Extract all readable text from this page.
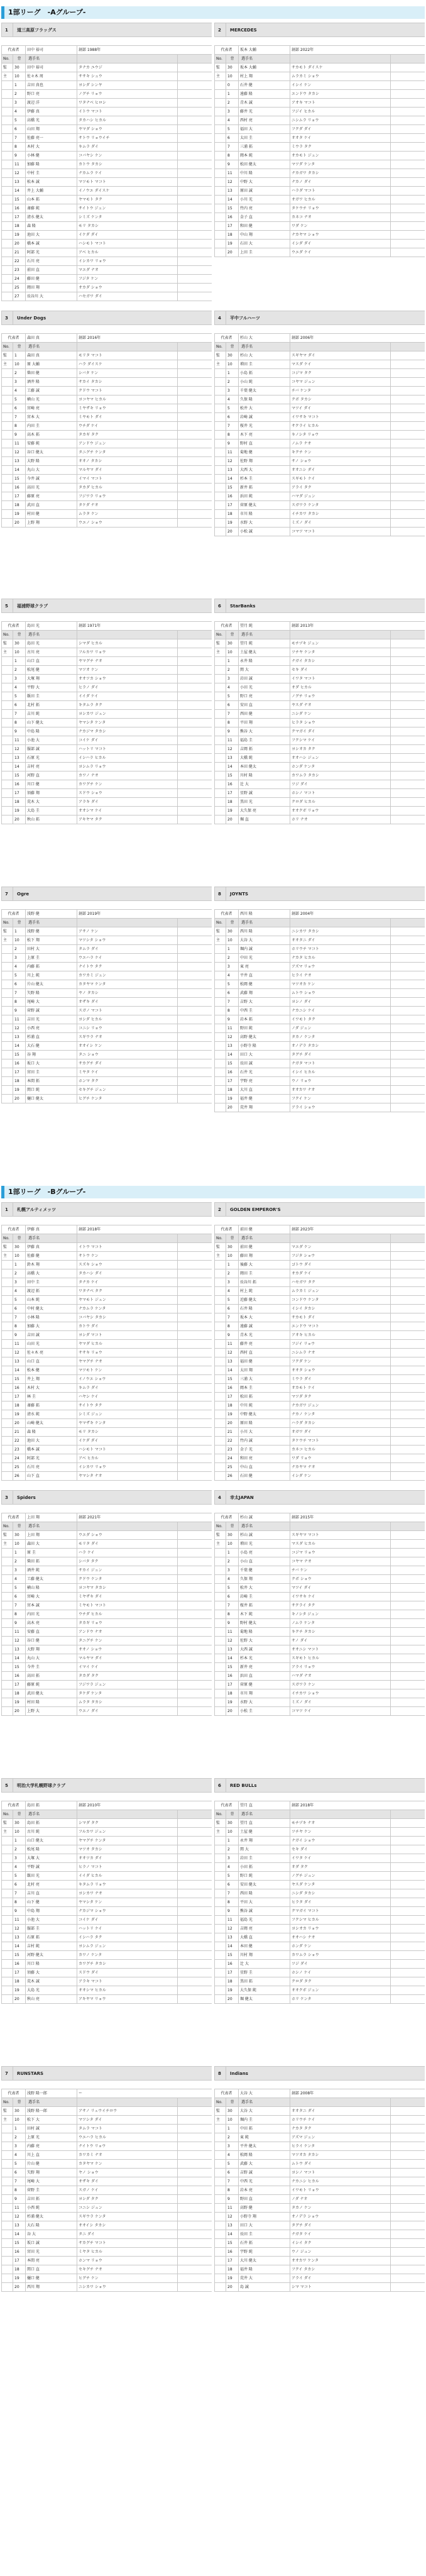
1部リーグ　-Aグループ-
1	道三高原フラッグス			

代表者		田中 裕司	創部 1988年	
No.	背	選手名		
監	30	田中 裕司	タナカ ユウジ	
主	10	佐々木 周	ササキ シュウ	
	1	吉田 真也	ヨシダ シンヤ	
	2	野口 亮	ノグチ リョウ	
	3	渡辺 洋	ワタナベ ヒロシ	
	4	伊藤 真	イトウ マコト	
	5	高橋 光	タカハシ ヒカル	
	6	山田 翔	ヤマダ ショウ	
	7	佐藤 亮一	サトウ リョウイチ	
	8	木村 大	キムラ ダイ	
	9	小林 健	コバヤシ ケン	
	11	加藤 隆	カトウ タカシ	
	12	中村 圭	ナカムラ ケイ	
	13	松本 誠	マツモト マコト	
	14	井上 大輔	イノウエ ダイスケ	
	15	山本 拓	ヤマモト タク	
	16	斎藤 純	サイトウ ジュン	
	17	清水 健太	シミズ ケンタ	
	18	森 隆	モリ タカシ	
	19	池田 大	イケダ ダイ	
	20	橋本 誠	ハシモト マコト	
	21	阿部 光	アベ ヒカル	
	22	石川 亮	イシカワ リョウ	
	23	前田 直	マエダ ナオ	
	24	藤田 健	フジタ ケン	
	25	岡田 翔	オカダ ショウ	
	27	長谷川 大	ハセガワ ダイ	
2	MERCEDES			

代表者		坂本 大輔	創部 2022年	
No.	背	選手名		
監	30	坂本 大輔	サカモト ダイスケ	
主	10	村上 翔	ムラカミ ショウ	
	0	石井 健	イシイ ケン	
	1	遠藤 隆	エンドウ タカシ	
	2	青木 誠	アオキ マコト	
	3	藤井 光	フジイ ヒカル	
	4	西村 亮	ニシムラ リョウ	
	5	福田 大	フクダ ダイ	
	6	太田 圭	オオタ ケイ	
	7	三浦 拓	ミウラ タク	
	8	岡本 純	オカモト ジュン	
	9	松田 健太	マツダ ケンタ	
	11	中川 隆	ナカガワ タカシ	
	12	中野 大	ナカノ ダイ	
	13	原田 誠	ハラダ マコト	
	14	小川 光	オガワ ヒカル	
	15	竹内 亮	タケウチ リョウ	
	16	金子 直	カネコ ナオ	
	17	和田 健	ワダ ケン	
	18	中山 翔	ナカヤマ ショウ	
	19	石田 大	イシダ ダイ	
	20	上田 圭	ウエダ ケイ	
3	Under Dogs			

代表者		森田 真	創部 2016年	
No.	背	選手名		
監	1	森田 真	モリタ マコト	
主	10	原 大輔	ハラ ダイスケ	
	2	柴田 健	シバタ ケン	
	3	酒井 隆	サカイ タカシ	
	4	工藤 誠	クドウ マコト	
	5	横山 光	ヨコヤマ ヒカル	
	6	宮崎 亮	ミヤザキ リョウ	
	7	宮本 大	ミヤモト ダイ	
	8	内田 圭	ウチダ ケイ	
	9	高木 拓	タカギ タク	
	11	安藤 純	アンドウ ジュン	
	12	谷口 健太	タニグチ ケンタ	
	13	大野 隆	オオノ タカシ	
	14	丸山 大	マルヤマ ダイ	
	15	今井 誠	イマイ マコト	
	16	高田 光	タカダ ヒカル	
	17	藤原 亮	フジワラ リョウ	
	18	武田 直	タケダ ナオ	
	19	村田 健	ムラタ ケン	
	20	上野 翔	ウエノ ショウ	
4	平中フルハーツ			

代表者		杉山 大	創部 2006年	
No.	背	選手名		
監	30	杉山 大	スギヤマ ダイ	
主	10	増田 圭	マスダ ケイ	
	1	小島 拓	コジマ タク	
	2	小山 純	コヤマ ジュン	
	3	千葉 健太	チバ ケンタ	
	4	久保 隆	クボ タカシ	
	5	松井 大	マツイ ダイ	
	6	岩崎 誠	イワサキ マコト	
	7	桜井 光	サクライ ヒカル	
	8	木下 亮	キノシタ リョウ	
	9	野村 直	ノムラ ナオ	
	11	菊地 健	キクチ ケン	
	12	佐野 翔	サノ ショウ	
	13	大西 大	オオニシ ダイ	
	14	杉本 圭	スギモト ケイ	
	15	新井 拓	アライ タク	
	16	浜田 純	ハマダ ジュン	
	17	菅原 健太	スガワラ ケンタ	
	18	市川 隆	イチカワ タカシ	
	19	水野 大	ミズノ ダイ	
	20	小松 誠	コマツ マコト	
5	福浦野球クラブ			

代表者		島田 光	創部 1971年	
No.	背	選手名		
監	30	島田 光	シマダ ヒカル	
主	10	古川 亮	フルカワ リョウ	
	1	山口 直	ヤマグチ ナオ	
	2	松尾 健	マツオ ケン	
	3	大塚 翔	オオツカ ショウ	
	4	平野 大	ヒラノ ダイ	
	5	飯田 圭	イイダ ケイ	
	6	北村 拓	キタムラ タク	
	7	吉川 純	ヨシカワ ジュン	
	8	山下 健太	ヤマシタ ケンタ	
	9	中島 隆	ナカジマ タカシ	
	11	小池 大	コイケ ダイ	
	12	服部 誠	ハットリ マコト	
	13	石原 光	イシハラ ヒカル	
	14	吉村 亮	ヨシムラ リョウ	
	15	河野 直	カワノ ナオ	
	16	川口 健	カワグチ ケン	
	17	須藤 翔	スドウ ショウ	
	18	荒木 大	アラキ ダイ	
	19	大島 圭	オオシマ ケイ	
	20	秋山 拓	アキヤマ タク	
6	StarBanks			

代表者		望月 純	創部 2013年	
No.	背	選手名		
監	30	望月 純	モチヅキ ジュン	
主	10	土屋 健太	ツチヤ ケンタ	
	1	永井 隆	ナガイ タカシ	
	2	関 大	セキ ダイ	
	3	岩田 誠	イワタ マコト	
	4	小田 光	オダ ヒカル	
	5	野口 亮	ノグチ リョウ	
	6	安田 直	ヤスダ ナオ	
	7	西田 健	ニシダ ケン	
	8	平田 翔	ヒラタ ショウ	
	9	熊谷 大	クマガイ ダイ	
	11	福島 圭	フクシマ ケイ	
	12	吉岡 拓	ヨシオカ タク	
	13	大橋 純	オオハシ ジュン	
	14	本田 健太	ホンダ ケンタ	
	15	川村 隆	カワムラ タカシ	
	16	辻 大	ツジ ダイ	
	17	星野 誠	ホシノ マコト	
	18	黒田 光	クロダ ヒカル	
	19	大久保 亮	オオクボ リョウ	
	20	堀 直	ホリ ナオ	
7	Ogre			

代表者		浅野 健	創部 2019年	
No.	背	選手名		
監	1	浅野 健	アサノ ケン	
主	10	松下 翔	マツシタ ショウ	
	2	田村 大	タムラ ダイ	
	3	上原 圭	ウエハラ ケイ	
	4	内藤 拓	ナイトウ タク	
	5	川上 純	カワカミ ジュン	
	6	片山 健太	カタヤマ ケンタ	
	7	矢野 隆	ヤノ タカシ	
	8	尾崎 大	オザキ ダイ	
	9	菅野 誠	スガノ マコト	
	11	吉田 光	ヨシダ ヒカル	
	12	小西 亮	コニシ リョウ	
	13	杉浦 直	スギウラ ナオ	
	14	大石 健	オオイシ ケン	
	15	谷 翔	タニ ショウ	
	16	坂口 大	サカグチ ダイ	
	17	宮田 圭	ミヤタ ケイ	
	18	本間 拓	ホンマ タク	
	19	関口 純	セキグチ ジュン	
	20	樋口 健太	ヒグチ ケンタ	
8	JOYNTS			

代表者		西川 隆	創部 2004年	
No.	背	選手名		
監	30	西川 隆	ニシカワ タカシ	
主	10	大谷 大	オオタニ ダイ	
	1	堀内 誠	ホリウチ マコト	
	2	中田 光	ナカタ ヒカル	
	3	東 亮	アズマ リョウ	
	4	平井 直	ヒライ ナオ	
	5	松岡 健	マツオカ ケン	
	6	武藤 翔	ムトウ ショウ	
	7	吉野 大	ヨシノ ダイ	
	8	中西 圭	ナカニシ ケイ	
	9	岩本 拓	イワモト タク	
	11	野田 純	ノダ ジュン	
	12	高野 健太	タカノ ケンタ	
	13	小野寺 隆	オノデラ タカシ	
	14	田口 大	タグチ ダイ	
	15	長田 誠	ナガタ マコト	
	16	石井 光	イシイ ヒカル	
	17	宇野 亮	ウノ リョウ	
	18	大川 直	オオカワ ナオ	
	19	福井 健	フクイ ケン	
	20	荒井 翔	アライ ショウ	
1部リーグ　-Bグループ-
1	札幌アルティメッツ			

代表者		伊藤 真	創部 2018年	
No.	背	選手名		
監	30	伊藤 真	イトウ マコト	
主	10	佐藤 健	サトウ ケン	
	1	鈴木 翔	スズキ ショウ	
	2	高橋 大	タカハシ ダイ	
	3	田中 圭	タナカ ケイ	
	4	渡辺 拓	ワタナベ タク	
	5	山本 純	ヤマモト ジュン	
	6	中村 健太	ナカムラ ケンタ	
	7	小林 隆	コバヤシ タカシ	
	8	加藤 大	カトウ ダイ	
	9	吉田 誠	ヨシダ マコト	
	11	山田 光	ヤマダ ヒカル	
	12	佐々木 亮	ササキ リョウ	
	13	山口 直	ヤマグチ ナオ	
	14	松本 健	マツモト ケン	
	15	井上 翔	イノウエ ショウ	
	16	木村 大	キムラ ダイ	
	17	林 圭	ハヤシ ケイ	
	18	斎藤 拓	サイトウ タク	
	19	清水 純	シミズ ジュン	
	20	山崎 健太	ヤマザキ ケンタ	
	21	森 隆	モリ タカシ	
	22	池田 大	イケダ ダイ	
	23	橋本 誠	ハシモト マコト	
	24	阿部 光	アベ ヒカル	
	25	石川 亮	イシカワ リョウ	
	26	山下 直	ヤマシタ ナオ	
2	GOLDEN EMPEROR'S			

代表者		前田 健	創部 2023年	
No.	背	選手名		
監	30	前田 健	マエダ ケン	
主	10	藤田 翔	フジタ ショウ	
	1	後藤 大	ゴトウ ダイ	
	2	岡田 圭	オカダ ケイ	
	3	長谷川 拓	ハセガワ タク	
	4	村上 純	ムラカミ ジュン	
	5	近藤 健太	コンドウ ケンタ	
	6	石井 隆	イシイ タカシ	
	7	坂本 大	サカモト ダイ	
	8	遠藤 誠	エンドウ マコト	
	9	青木 光	アオキ ヒカル	
	11	藤井 亮	フジイ リョウ	
	12	西村 直	ニシムラ ナオ	
	13	福田 健	フクダ ケン	
	14	太田 翔	オオタ ショウ	
	15	三浦 大	ミウラ ダイ	
	16	岡本 圭	オカモト ケイ	
	17	松田 拓	マツダ タク	
	18	中川 純	ナカガワ ジュン	
	19	中野 健太	ナカノ ケンタ	
	20	原田 隆	ハラダ タカシ	
	21	小川 大	オガワ ダイ	
	22	竹内 誠	タケウチ マコト	
	23	金子 光	カネコ ヒカル	
	24	和田 亮	ワダ リョウ	
	25	中山 直	ナカヤマ ナオ	
	26	石田 健	イシダ ケン	
3	Spiders			

代表者		上田 翔	創部 2021年	
No.	背	選手名		
監	30	上田 翔	ウエダ ショウ	
主	10	森田 大	モリタ ダイ	
	1	原 圭	ハラ ケイ	
	2	柴田 拓	シバタ タク	
	3	酒井 純	サカイ ジュン	
	4	工藤 健太	クドウ ケンタ	
	5	横山 隆	ヨコヤマ タカシ	
	6	宮崎 大	ミヤザキ ダイ	
	7	宮本 誠	ミヤモト マコト	
	8	内田 光	ウチダ ヒカル	
	9	高木 亮	タカギ リョウ	
	11	安藤 直	アンドウ ナオ	
	12	谷口 健	タニグチ ケン	
	13	大野 翔	オオノ ショウ	
	14	丸山 大	マルヤマ ダイ	
	15	今井 圭	イマイ ケイ	
	16	高田 拓	タカダ タク	
	17	藤原 純	フジワラ ジュン	
	18	武田 健太	タケダ ケンタ	
	19	村田 隆	ムラタ タカシ	
	20	上野 大	ウエノ ダイ	
4	幸太JAPAN			

代表者		杉山 誠	創部 2015年	
No.	背	選手名		
監	30	杉山 誠	スギヤマ マコト	
主	10	増田 光	マスダ ヒカル	
	1	小島 亮	コジマ リョウ	
	2	小山 直	コヤマ ナオ	
	3	千葉 健	チバ ケン	
	4	久保 翔	クボ ショウ	
	5	松井 大	マツイ ダイ	
	6	岩崎 圭	イワサキ ケイ	
	7	桜井 拓	サクライ タク	
	8	木下 純	キノシタ ジュン	
	9	野村 健太	ノムラ ケンタ	
	11	菊地 隆	キクチ タカシ	
	12	佐野 大	サノ ダイ	
	13	大西 誠	オオニシ マコト	
	14	杉本 光	スギモト ヒカル	
	15	新井 亮	アライ リョウ	
	16	浜田 直	ハマダ ナオ	
	17	菅原 健	スガワラ ケン	
	18	市川 翔	イチカワ ショウ	
	19	水野 大	ミズノ ダイ	
	20	小松 圭	コマツ ケイ	
5	明治大学札幌野球クラブ			

代表者		島田 拓	創部 2010年	
No.	背	選手名		
監	30	島田 拓	シマダ タク	
主	10	古川 純	フルカワ ジュン	
	1	山口 健太	ヤマグチ ケンタ	
	2	松尾 隆	マツオ タカシ	
	3	大塚 大	オオツカ ダイ	
	4	平野 誠	ヒラノ マコト	
	5	飯田 光	イイダ ヒカル	
	6	北村 亮	キタムラ リョウ	
	7	吉川 直	ヨシカワ ナオ	
	8	山下 健	ヤマシタ ケン	
	9	中島 翔	ナカジマ ショウ	
	11	小池 大	コイケ ダイ	
	12	服部 圭	ハットリ ケイ	
	13	石原 拓	イシハラ タク	
	14	吉村 純	ヨシムラ ジュン	
	15	河野 健太	カワノ ケンタ	
	16	川口 隆	カワグチ タカシ	
	17	須藤 大	スドウ ダイ	
	18	荒木 誠	アラキ マコト	
	19	大島 光	オオシマ ヒカル	
	20	秋山 亮	アキヤマ リョウ	
6	RED BULLs			

代表者		望月 直	創部 2018年	
No.	背	選手名		
監	30	望月 直	モチヅキ ナオ	
主	10	土屋 健	ツチヤ ケン	
	1	永井 翔	ナガイ ショウ	
	2	関 大	セキ ダイ	
	3	岩田 圭	イワタ ケイ	
	4	小田 拓	オダ タク	
	5	野口 純	ノグチ ジュン	
	6	安田 健太	ヤスダ ケンタ	
	7	西田 隆	ニシダ タカシ	
	8	平田 大	ヒラタ ダイ	
	9	熊谷 誠	クマガイ マコト	
	11	福島 光	フクシマ ヒカル	
	12	吉岡 亮	ヨシオカ リョウ	
	13	大橋 直	オオハシ ナオ	
	14	本田 健	ホンダ ケン	
	15	川村 翔	カワムラ ショウ	
	16	辻 大	ツジ ダイ	
	17	星野 圭	ホシノ ケイ	
	18	黒田 拓	クロダ タク	
	19	大久保 純	オオクボ ジュン	
	20	堀 健太	ホリ ケンタ	
7	RUNSTARS			

代表者		浅野 隆一郎	ー	
No.	背	選手名		
監	30	浅野 隆一郎	アサノ リュウイチロウ	
主	10	松下 大	マツシタ ダイ	
	1	田村 誠	タムラ マコト	
	2	上原 光	ウエハラ ヒカル	
	3	内藤 亮	ナイトウ リョウ	
	4	川上 直	カワカミ ナオ	
	5	片山 健	カタヤマ ケン	
	6	矢野 翔	ヤノ ショウ	
	7	尾崎 大	オザキ ダイ	
	8	菅野 圭	スガノ ケイ	
	9	吉田 拓	ヨシダ タク	
	11	小西 純	コニシ ジュン	
	12	杉浦 健太	スギウラ ケンタ	
	13	大石 隆	オオイシ タカシ	
	14	谷 大	タニ ダイ	
	15	坂口 誠	サカグチ マコト	
	16	宮田 光	ミヤタ ヒカル	
	17	本間 亮	ホンマ リョウ	
	18	関口 直	セキグチ ナオ	
	19	樋口 健	ヒグチ ケン	
	20	西川 翔	ニシカワ ショウ	
8	Indians			

代表者		大谷 大	創部 2008年	
No.	背	選手名		
監	30	大谷 大	オオタニ ダイ	
主	10	堀内 圭	ホリウチ ケイ	
	1	中田 拓	ナカタ タク	
	2	東 純	アズマ ジュン	
	3	平井 健太	ヒライ ケンタ	
	4	松岡 隆	マツオカ タカシ	
	5	武藤 大	ムトウ ダイ	
	6	吉野 誠	ヨシノ マコト	
	7	中西 光	ナカニシ ヒカル	
	8	岩本 亮	イワモト リョウ	
	9	野田 直	ノダ ナオ	
	11	高野 健	タカノ ケン	
	12	小野寺 翔	オノデラ ショウ	
	13	田口 大	タグチ ダイ	
	14	長田 圭	ナガタ ケイ	
	15	石井 拓	イシイ タク	
	16	宇野 純	ウノ ジュン	
	17	大川 健太	オオカワ ケンタ	
	18	福井 隆	フクイ タカシ	
	19	荒井 大	アライ ダイ	
	20	島 誠	シマ マコト	
